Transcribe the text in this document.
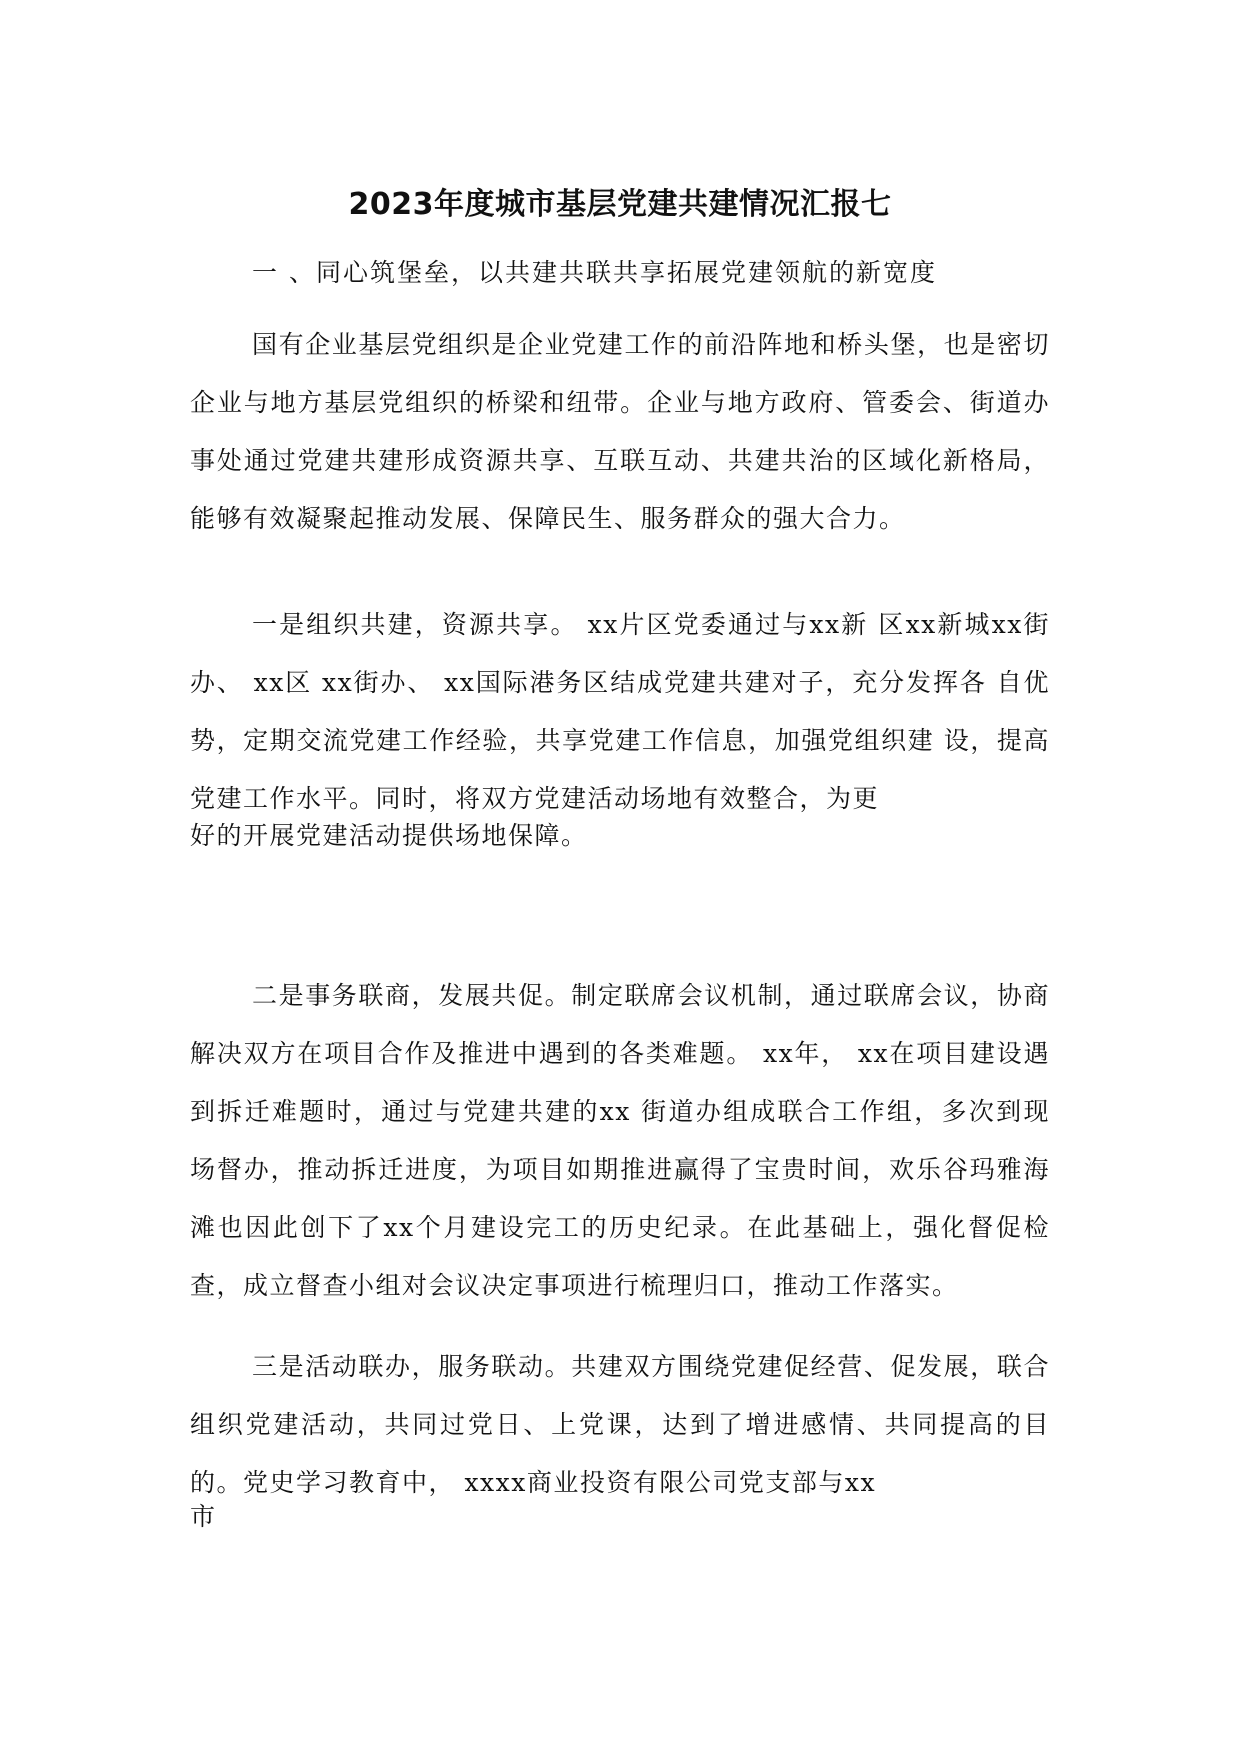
2023年度城市基层党建共建情况汇报七

一 、同心筑堡垒，以共建共联共享拓展党建领航的新宽度

国有企业基层党组织是企业党建工作的前沿阵地和桥头堡，也是密切企业与地方基层党组织的桥梁和纽带。企业与地方政府、管委会、街道办事处通过党建共建形成资源共享、互联互动、共建共治的区域化新格局，能够有效凝聚起推动发展、保障民生、服务群众的强大合力。

一是组织共建，资源共享。 xx片区党委通过与xx新 区xx新城xx街办、 xx区 xx街办、 xx国际港务区结成党建共建对子，充分发挥各 自优势，定期交流党建工作经验，共享党建工作信息，加强党组织建 设，提高党建工作水平。同时，将双方党建活动场地有效整合，为更

好的开展党建活动提供场地保障。

二是事务联商，发展共促。制定联席会议机制，通过联席会议，协商解决双方在项目合作及推进中遇到的各类难题。 xx年， xx在项目建设遇到拆迁难题时，通过与党建共建的xx 街道办组成联合工作组，多次到现场督办，推动拆迁进度，为项目如期推进赢得了宝贵时间，欢乐谷玛雅海滩也因此创下了xx个月建设完工的历史纪录。在此基础上，强化督促检查，成立督查小组对会议决定事项进行梳理归口，推动工作落实。

三是活动联办，服务联动。共建双方围绕党建促经营、促发展，联合组织党建活动，共同过党日、上党课，达到了增进感情、共同提高的目的。党史学习教育中， xxxx商业投资有限公司党支部与xx

市
